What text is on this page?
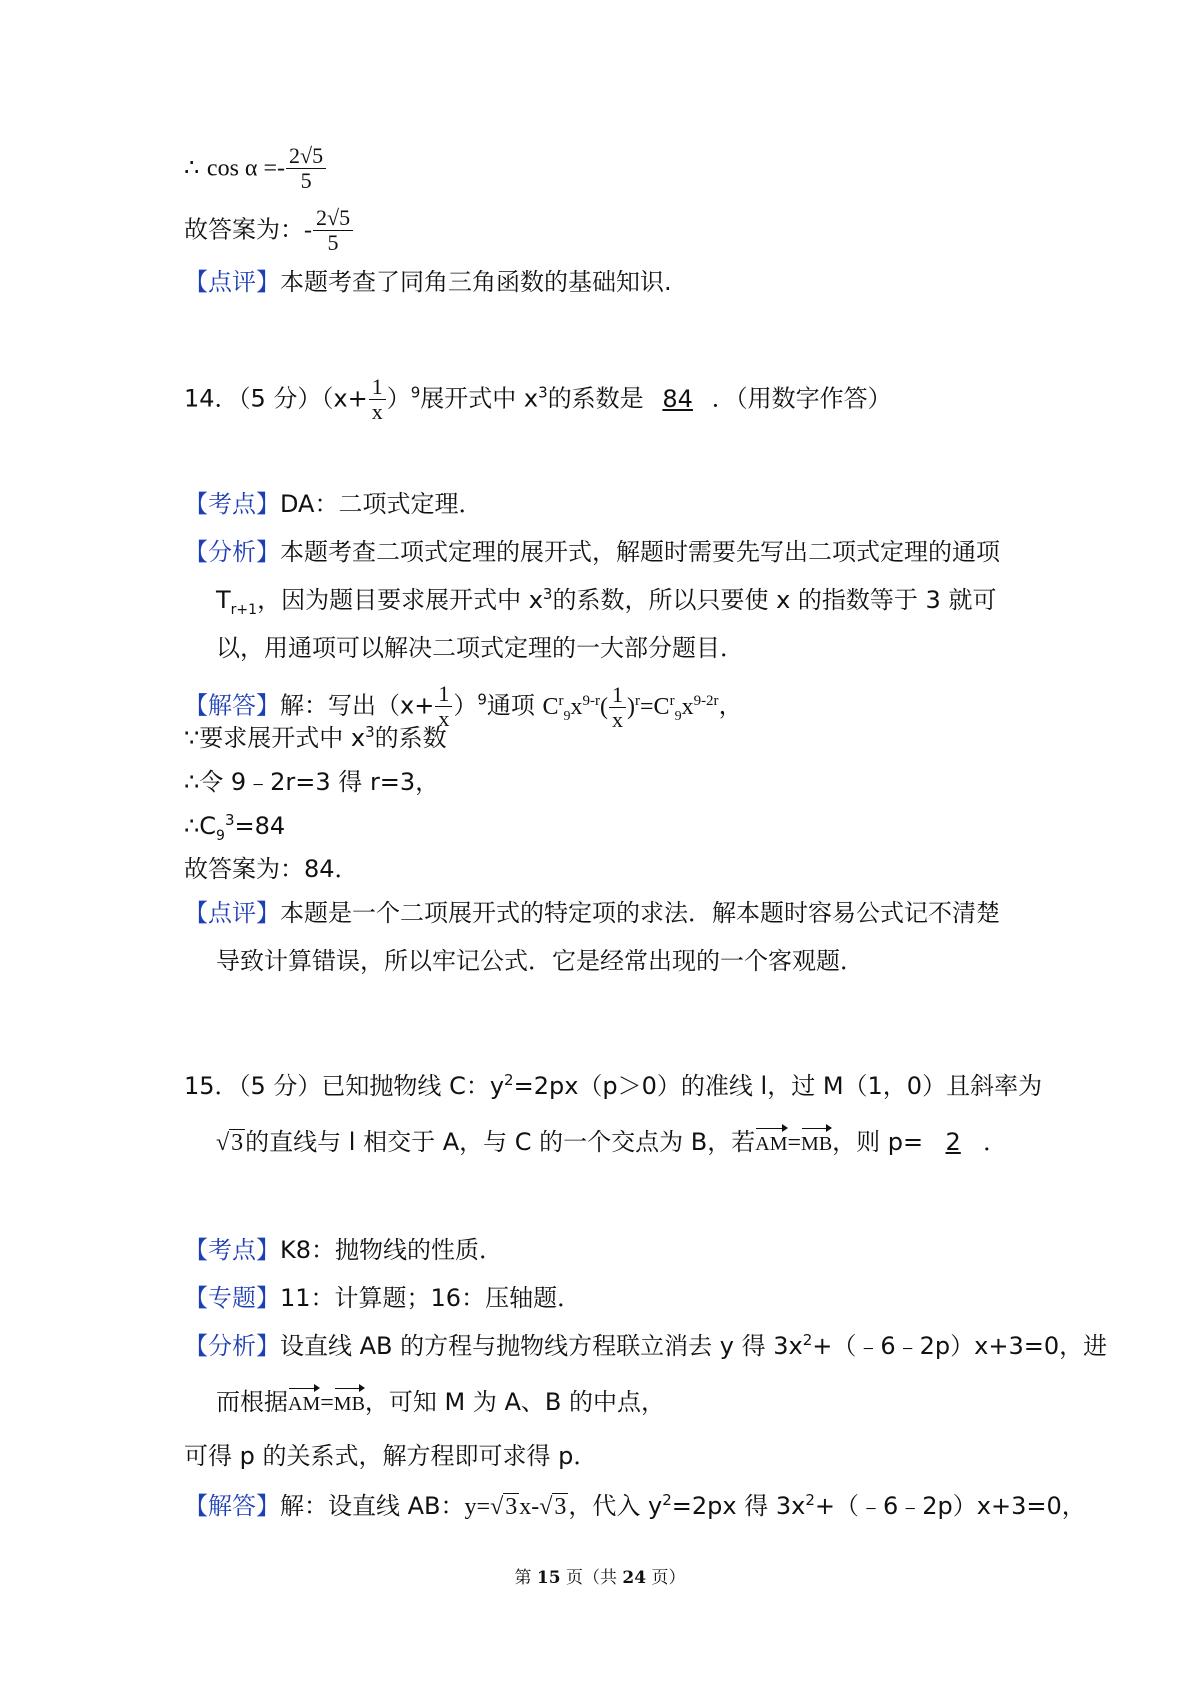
∴ $\cos \alpha =- \frac{2√5}{5}$
故答案为：- $\frac{2√5}{5}$
【点评】本题考查了同角三角函数的基础知识.
14．（5 分）$(x+ \frac{1}{x} )^9$展开式中 $x^3$的系数是 84 ．（用数字作答）
【考点】DA：二项式定理．
【分析】本题考查二项式定理的展开式，解题时需要先写出二项式定理的通项
$T_{r+1}$，因为题目要求展开式中 $x^3$的系数，所以只要使 x 的指数等于 3 就可
以，用通项可以解决二项式定理的一大部分题目．
【解答】解：写出$(x+ \frac{1}{x} )^9$通项 $C^r_9x^{9-r}( \frac{1}{x} )^r=C^r_9x^{9-2r}$，
∵要求展开式中 $x^3$的系数
∴令 9﹣2r=3 得 r=3，
$\therefore C_9^3=84$
故答案为：84．
【点评】本题是一个二项展开式的特定项的求法．解本题时容易公式记不清楚
导致计算错误，所以牢记公式．它是经常出现的一个客观题．
15．（5 分）已知抛物线 C：$y^2=2px(p>0)$的准线 l，过 M（1，0）且斜率为
√3的直线与 l 相交于 A，与 C 的一个交点为 B，若AM=MB，则 p= 2 ．
【考点】K8：抛物线的性质．
【专题】11：计算题；16：压轴题．
【分析】设直线 AB 的方程与抛物线方程联立消去 y 得 $3x^2+(﹣6﹣2p)x+3=0$，进
而根据AM=MB，可知 M 为 A、B 的中点，
可得 p 的关系式，解方程即可求得 p．
【解答】解：设直线 AB：y=√3x-√3，代入 $y^2=2px$ 得 $3x^2+(﹣6﹣2p)x+3=0$，
第 15 页（共 24 页）
